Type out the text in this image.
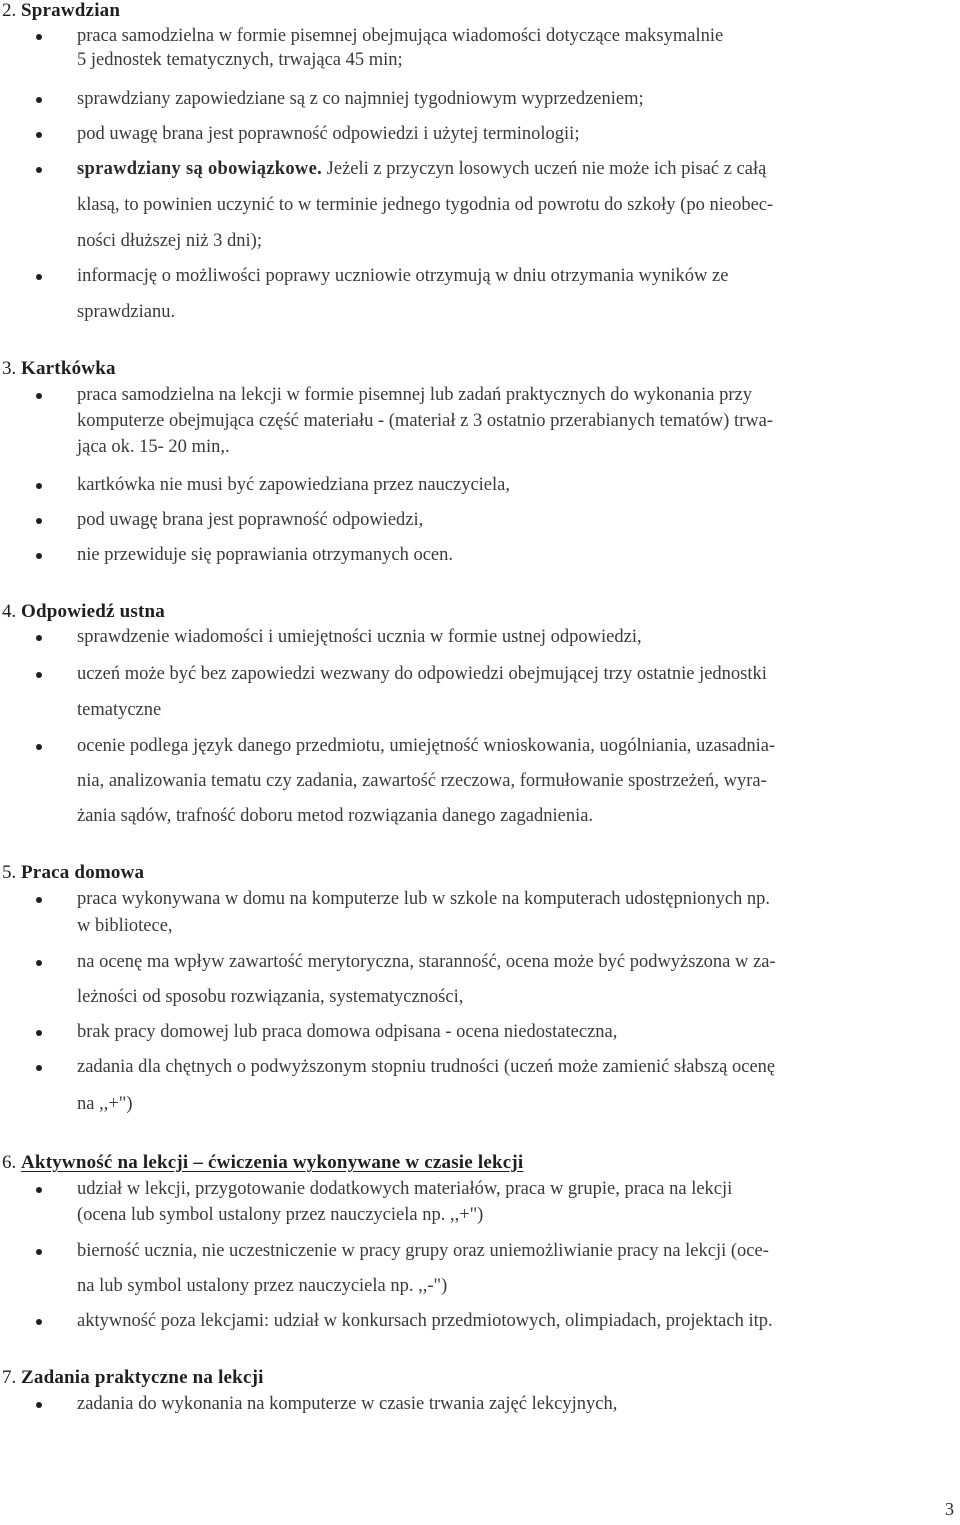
2. Sprawdzian
praca samodzielna w formie pisemnej obejmująca wiadomości dotyczące maksymalnie
5 jednostek tematycznych, trwająca 45 min;
sprawdziany zapowiedziane są z co najmniej tygodniowym wyprzedzeniem;
pod uwagę brana jest poprawność odpowiedzi i użytej terminologii;
sprawdziany są obowiązkowe. Jeżeli z przyczyn losowych uczeń nie może ich pisać z całą
klasą, to powinien uczynić to w terminie jednego tygodnia od powrotu do szkoły (po nieobec-
ności dłuższej niż 3 dni);
informację o możliwości poprawy uczniowie otrzymują w dniu otrzymania wyników ze
sprawdzianu.
3. Kartkówka
praca samodzielna na lekcji w formie pisemnej lub zadań praktycznych do wykonania przy
komputerze obejmująca część materiału - (materiał z 3 ostatnio przerabianych tematów) trwa-
jąca ok. 15- 20 min,.
kartkówka nie musi być zapowiedziana przez nauczyciela,
pod uwagę brana jest poprawność odpowiedzi,
nie przewiduje się poprawiania otrzymanych ocen.
4. Odpowiedź ustna
sprawdzenie wiadomości i umiejętności ucznia w formie ustnej odpowiedzi,
uczeń może być bez zapowiedzi wezwany do odpowiedzi obejmującej trzy ostatnie jednostki
tematyczne
ocenie podlega język danego przedmiotu, umiejętność wnioskowania, uogólniania, uzasadnia-
nia, analizowania tematu czy zadania, zawartość rzeczowa, formułowanie spostrzeżeń, wyra-
żania sądów, trafność doboru metod rozwiązania danego zagadnienia.
5. Praca domowa
praca wykonywana w domu na komputerze lub w szkole na komputerach udostępnionych np.
w bibliotece,
na ocenę ma wpływ zawartość merytoryczna, staranność, ocena może być podwyższona w za-
leżności od sposobu rozwiązania, systematyczności,
brak pracy domowej lub praca domowa odpisana - ocena niedostateczna,
zadania dla chętnych o podwyższonym stopniu trudności (uczeń może zamienić słabszą ocenę
na ,,+")
6. Aktywność na lekcji – ćwiczenia wykonywane w czasie lekcji
udział w lekcji, przygotowanie dodatkowych materiałów, praca w grupie, praca na lekcji
(ocena lub symbol ustalony przez nauczyciela np. ,,+")
bierność ucznia, nie uczestniczenie w pracy grupy oraz uniemożliwianie pracy na lekcji (oce-
na lub symbol ustalony przez nauczyciela np. ,,-")
aktywność poza lekcjami: udział w konkursach przedmiotowych, olimpiadach, projektach itp.
7. Zadania praktyczne na lekcji
zadania do wykonania na komputerze w czasie trwania zajęć lekcyjnych,
3
